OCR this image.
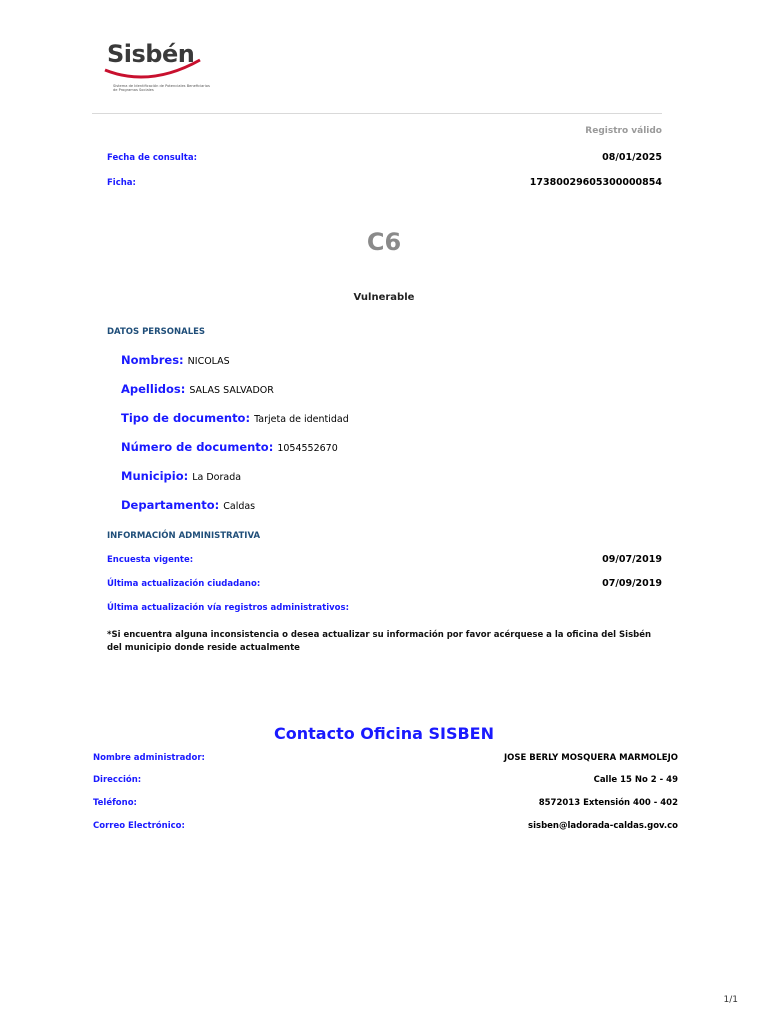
Sisbén
Sistema de Identificación de Potenciales Beneficiarios de Programas Sociales
Registro válido
Fecha de consulta:	08/01/2025
Ficha:	17380029605300000854
C6
Vulnerable
DATOS PERSONALES
Nombres: NICOLAS
Apellidos: SALAS SALVADOR
Tipo de documento: Tarjeta de identidad
Número de documento: 1054552670
Municipio: La Dorada
Departamento: Caldas
INFORMACIÓN ADMINISTRATIVA
Encuesta vigente:	09/07/2019
Última actualización ciudadano:	07/09/2019
Última actualización vía registros administrativos:
*Si encuentra alguna inconsistencia o desea actualizar su información por favor acérquese a la oficina del Sisbén del municipio donde reside actualmente
Contacto Oficina SISBEN
Nombre administrador:	JOSE BERLY MOSQUERA MARMOLEJO
Dirección:	Calle 15 No 2 - 49
Teléfono:	8572013 Extensión 400 - 402
Correo Electrónico:	sisben@ladorada-caldas.gov.co
1/1
